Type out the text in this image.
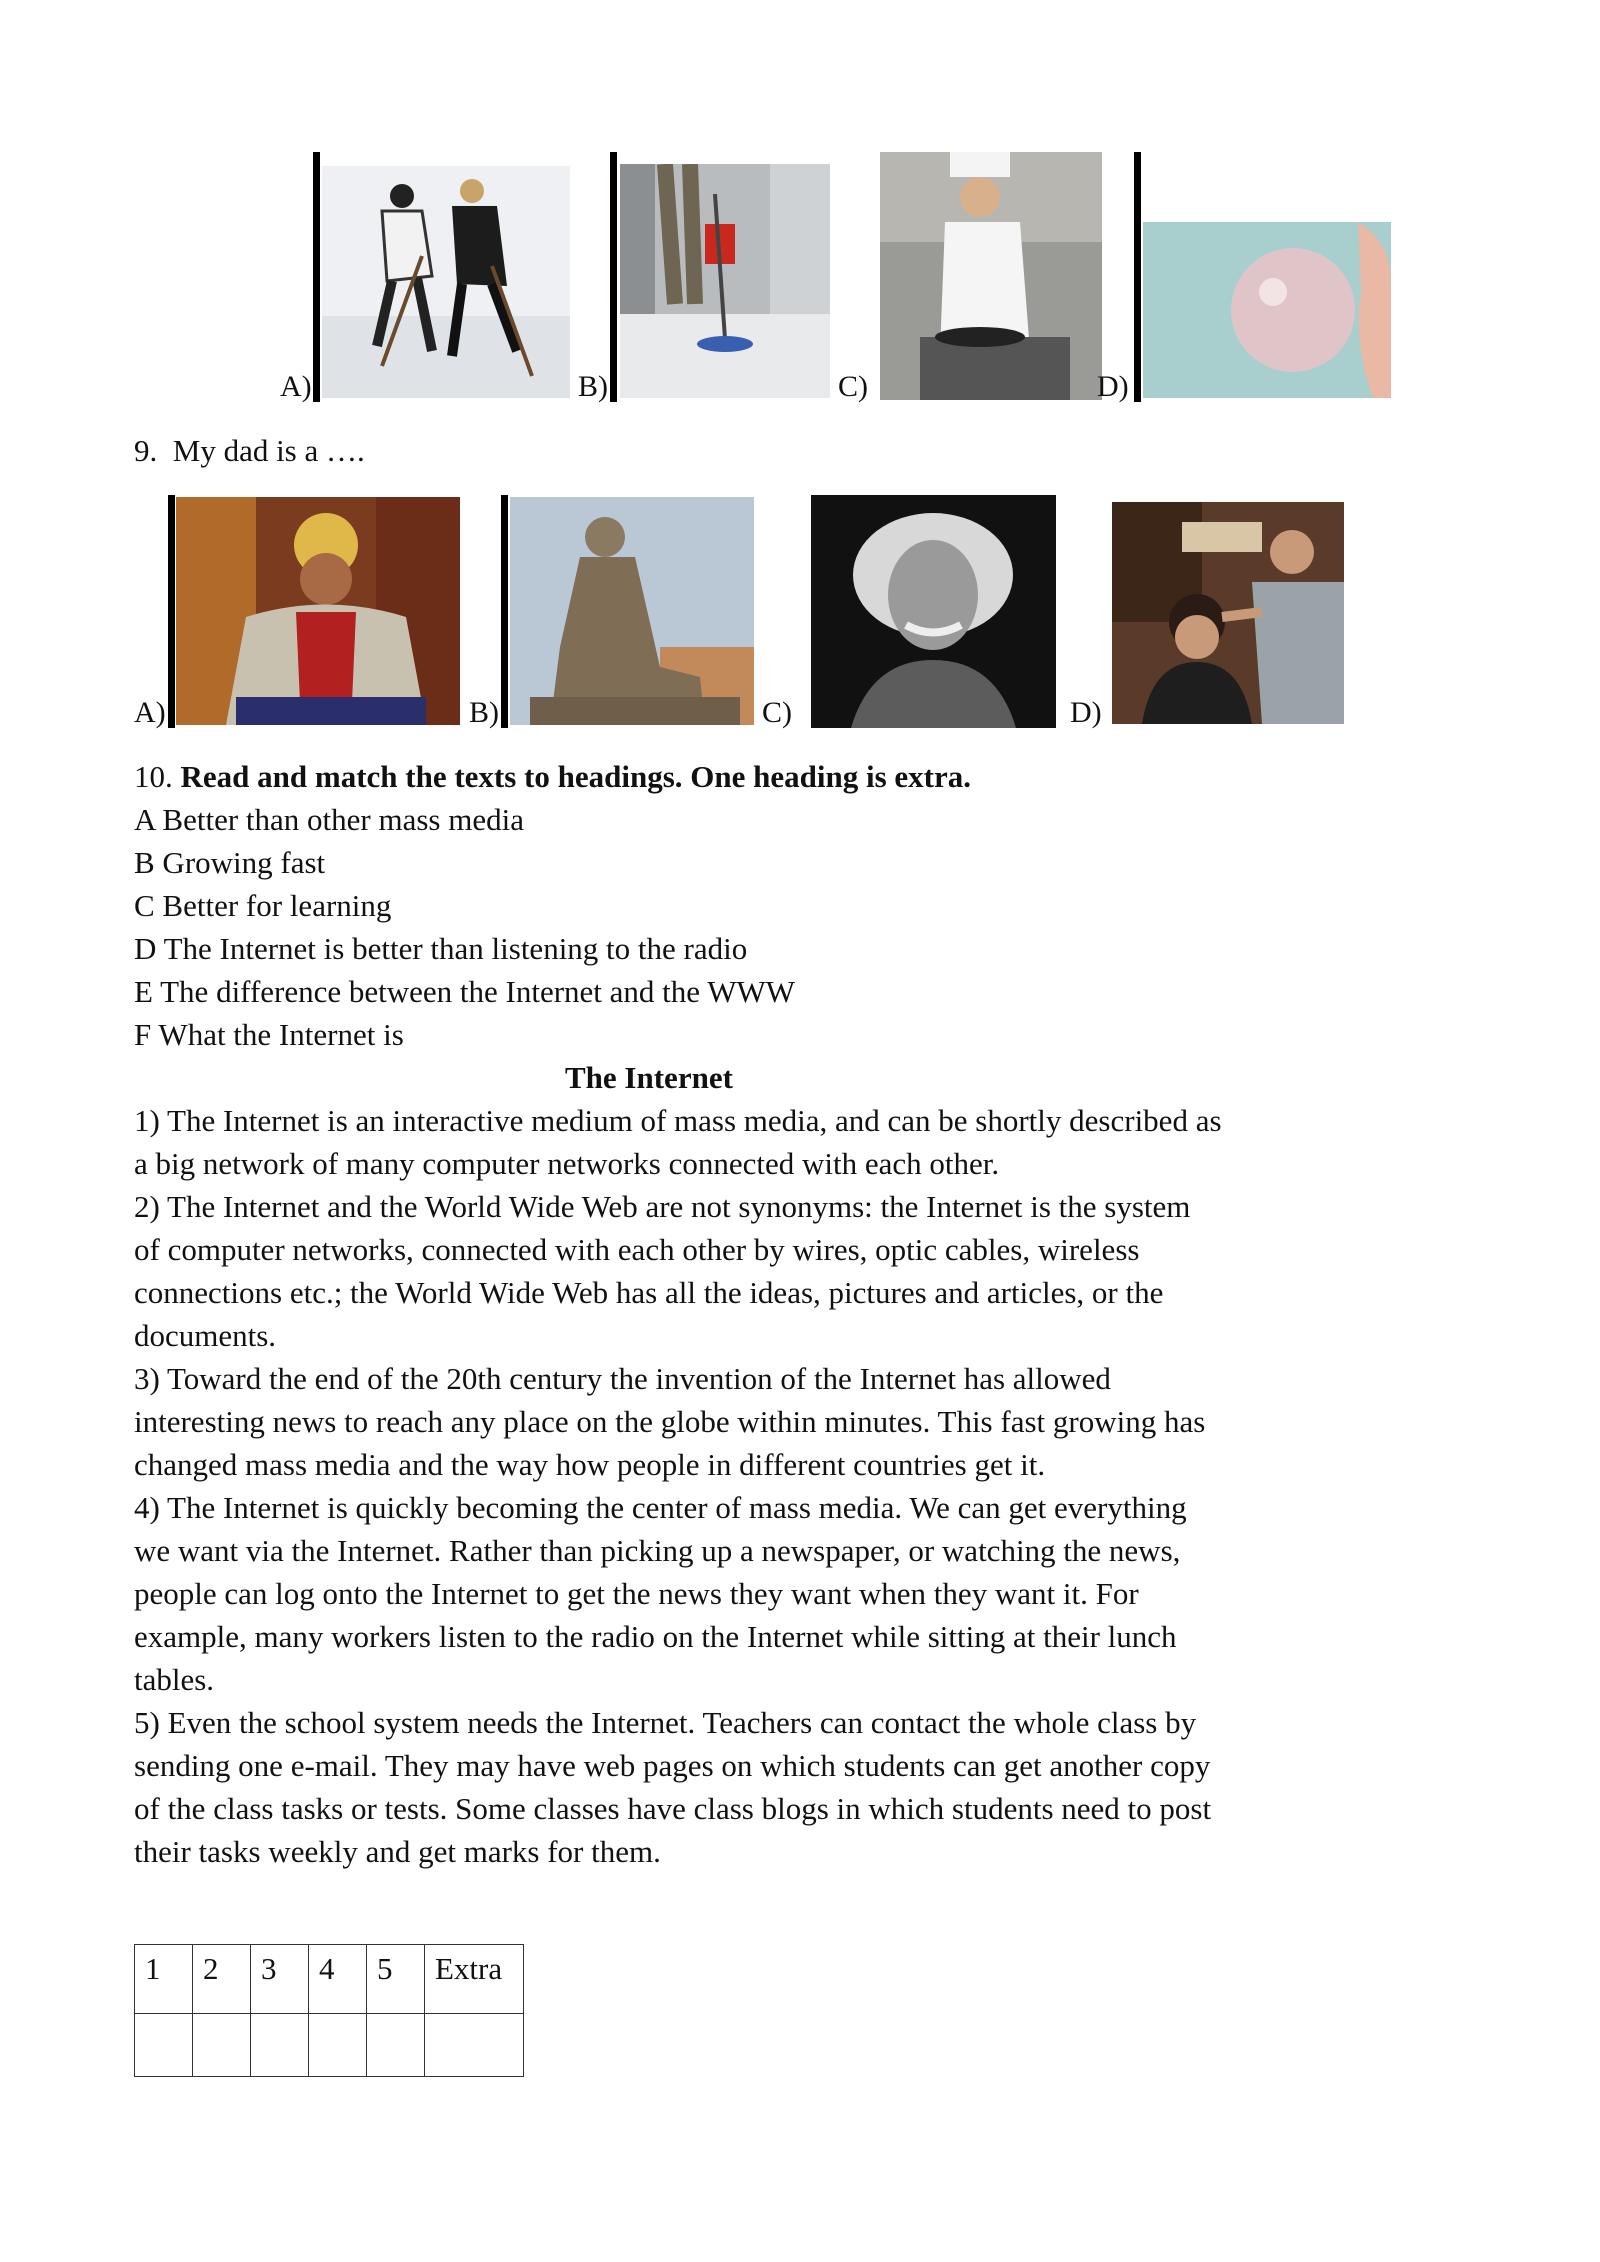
A)	B)	C)	D)
9. My dad is a ….
A)	B)	C)	D)
10. Read and match the texts to headings. One heading is extra.
A Better than other mass media
B Growing fast
C Better for learning
D The Internet is better than listening to the radio
E The difference between the Internet and the WWW
F What the Internet is
The Internet
1) The Internet is an interactive medium of mass media, and can be shortly described as
a big network of many computer networks connected with each other.
2) The Internet and the World Wide Web are not synonyms: the Internet is the system
of computer networks, connected with each other by wires, optic cables, wireless
connections etc.; the World Wide Web has all the ideas, pictures and articles, or the
documents.
3) Toward the end of the 20th century the invention of the Internet has allowed
interesting news to reach any place on the globe within minutes. This fast growing has
changed mass media and the way how people in different countries get it.
4) The Internet is quickly becoming the center of mass media. We can get everything
we want via the Internet. Rather than picking up a newspaper, or watching the news,
people can log onto the Internet to get the news they want when they want it. For
example, many workers listen to the radio on the Internet while sitting at their lunch
tables.
5) Even the school system needs the Internet. Teachers can contact the whole class by
sending one e-mail. They may have web pages on which students can get another copy
of the class tasks or tests. Some classes have class blogs in which students need to post
their tasks weekly and get marks for them.
1	2	3	4	5	Extra
